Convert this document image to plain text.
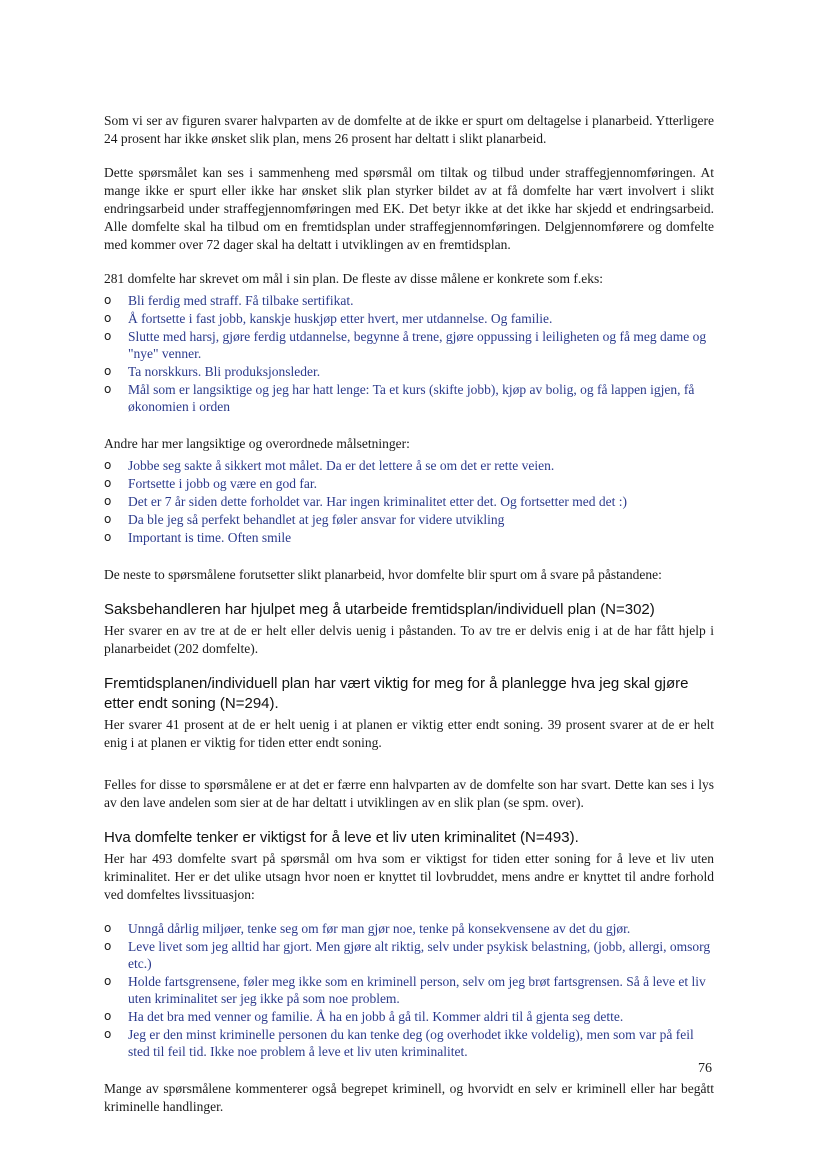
Som vi ser av figuren svarer halvparten av de domfelte at de ikke er spurt om deltagelse i planarbeid. Ytterligere 24 prosent har ikke ønsket slik plan, mens 26 prosent har deltatt i slikt planarbeid.

Dette spørsmålet kan ses i sammenheng med spørsmål om tiltak og tilbud under straffegjennomføringen. At mange ikke er spurt eller ikke har ønsket slik plan styrker bildet av at få domfelte har vært involvert i slikt endringsarbeid under straffegjennomføringen med EK. Det betyr ikke at det ikke har skjedd et endringsarbeid. Alle domfelte skal ha tilbud om en fremtidsplan under straffegjennomføringen. Delgjennomførere og domfelte med kommer over 72 dager skal ha deltatt i utviklingen av en fremtidsplan.

281 domfelte har skrevet om mål i sin plan. De fleste av disse målene er konkrete som f.eks:

o Bli ferdig med straff. Få tilbake sertifikat.
o Å fortsette i fast jobb, kanskje huskjøp etter hvert, mer utdannelse. Og familie.
o Slutte med harsj, gjøre ferdig utdannelse, begynne å trene, gjøre oppussing i leiligheten og få meg dame og "nye" venner.
o Ta norskkurs. Bli produksjonsleder.
o Mål som er langsiktige og jeg har hatt lenge: Ta et kurs (skifte jobb), kjøp av bolig, og få lappen igjen, få økonomien i orden

Andre har mer langsiktige og overordnede målsetninger:

o Jobbe seg sakte å sikkert mot målet. Da er det lettere å se om det er rette veien.
o Fortsette i jobb og være en god far.
o Det er 7 år siden dette forholdet var. Har ingen kriminalitet etter det. Og fortsetter med det :)
o Da ble jeg så perfekt behandlet at jeg føler ansvar for videre utvikling
o Important is time. Often smile

De neste to spørsmålene forutsetter slikt planarbeid, hvor domfelte blir spurt om å svare på påstandene:

Saksbehandleren har hjulpet meg å utarbeide fremtidsplan/individuell plan (N=302)

Her svarer en av tre at de er helt eller delvis uenig i påstanden. To av tre er delvis enig i at de har fått hjelp i planarbeidet (202 domfelte).

Fremtidsplanen/individuell plan har vært viktig for meg for å planlegge hva jeg skal gjøre etter endt soning (N=294).

Her svarer 41 prosent at de er helt uenig i at planen er viktig etter endt soning. 39 prosent svarer at de er helt enig i at planen er viktig for tiden etter endt soning.

Felles for disse to spørsmålene er at det er færre enn halvparten av de domfelte son har svart. Dette kan ses i lys av den lave andelen som sier at de har deltatt i utviklingen av en slik plan (se spm. over).

Hva domfelte tenker er viktigst for å leve et liv uten kriminalitet (N=493).

Her har 493 domfelte svart på spørsmål om hva som er viktigst for tiden etter soning for å leve et liv uten kriminalitet. Her er det ulike utsagn hvor noen er knyttet til lovbruddet, mens andre er knyttet til andre forhold ved domfeltes livssituasjon:

o Unngå dårlig miljøer, tenke seg om før man gjør noe, tenke på konsekvensene av det du gjør.
o Leve livet som jeg alltid har gjort. Men gjøre alt riktig, selv under psykisk belastning, (jobb, allergi, omsorg etc.)
o Holde fartsgrensene, føler meg ikke som en kriminell person, selv om jeg brøt fartsgrensen. Så å leve et liv uten kriminalitet ser jeg ikke på som noe problem.
o Ha det bra med venner og familie. Å ha en jobb å gå til. Kommer aldri til å gjenta seg dette.
o Jeg er den minst kriminelle personen du kan tenke deg (og overhodet ikke voldelig), men som var på feil sted til feil tid. Ikke noe problem å leve et liv uten kriminalitet.

Mange av spørsmålene kommenterer også begrepet kriminell, og hvorvidt en selv er kriminell eller har begått kriminelle handlinger.

76
